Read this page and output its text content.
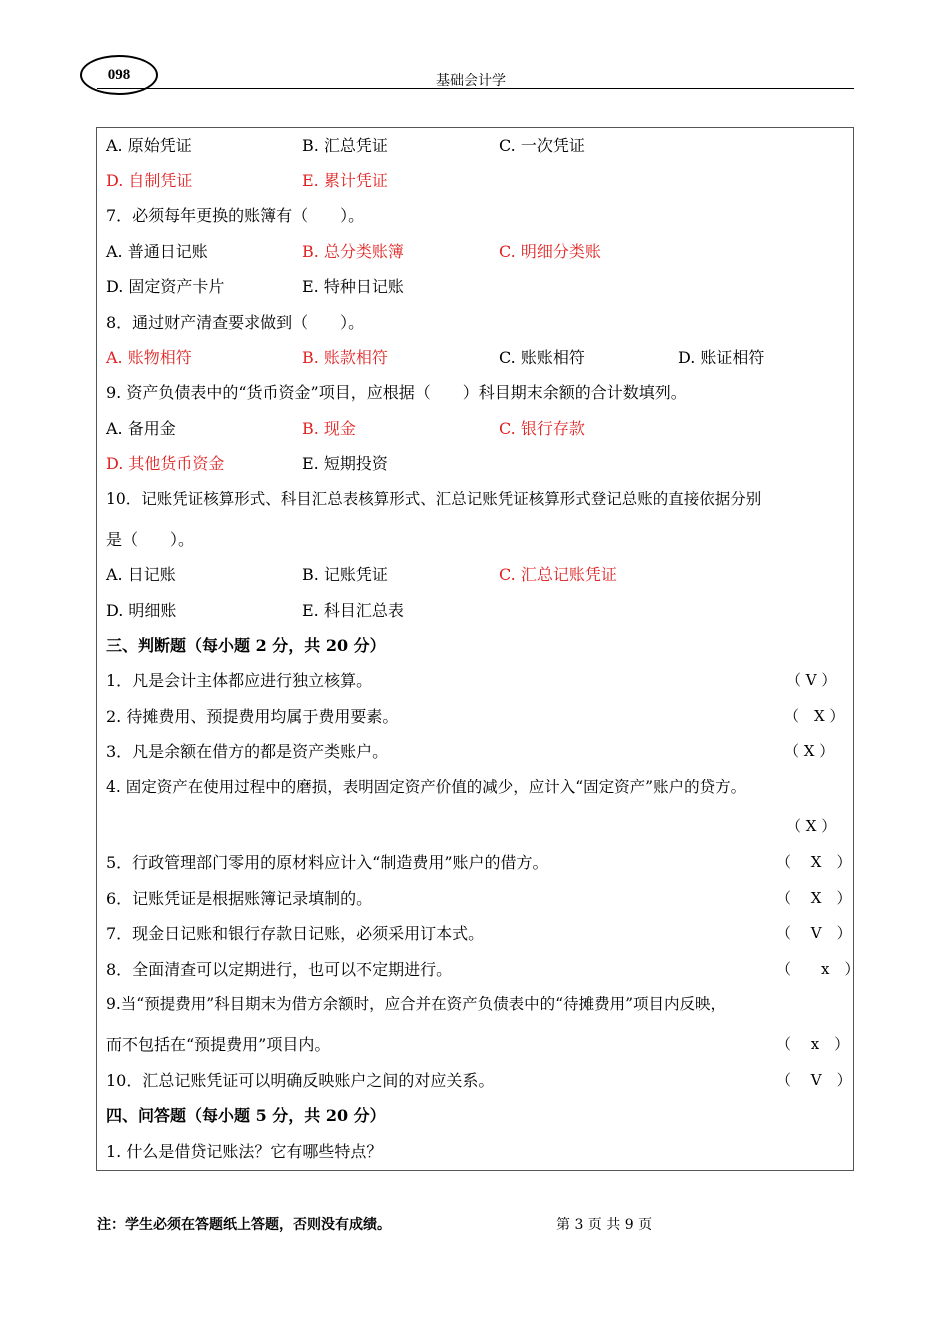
098	基础会计学
A. 原始凭证	B. 汇总凭证	C. 一次凭证
D. 自制凭证	E. 累计凭证
7．必须每年更换的账簿有（　　）。
A. 普通日记账	B. 总分类账簿	C. 明细分类账
D. 固定资产卡片	E. 特种日记账
8．通过财产清查要求做到（　　）。
A. 账物相符	B. 账款相符	C. 账账相符	D. 账证相符
9. 资产负债表中的“货币资金”项目，应根据（　　）科目期末余额的合计数填列。
A. 备用金	B. 现金	C. 银行存款
D. 其他货币资金	E. 短期投资
10．记账凭证核算形式、科目汇总表核算形式、汇总记账凭证核算形式登记总账的直接依据分别
是（　　）。
A. 日记账	B. 记账凭证	C. 汇总记账凭证
D. 明细账	E. 科目汇总表
三、判断题（每小题 2 分，共 20 分）
1．凡是会计主体都应进行独立核算。	（ V ）
2. 待摊费用、预提费用均属于费用要素。	（　X ）
3．凡是余额在借方的都是资产类账户。	（ X ）
4. 固定资产在使用过程中的磨损，表明固定资产价值的减少，应计入“固定资产”账户的贷方。
（ X ）
5．行政管理部门零用的原材料应计入“制造费用”账户的借方。	（　 X　）
6．记账凭证是根据账簿记录填制的。	（　 X　）
7．现金日记账和银行存款日记账，必须采用订本式。	（　 V　）
8．全面清查可以定期进行，也可以不定期进行。	（　　x　）
9.当“预提费用”科目期末为借方余额时，应合并在资产负债表中的“待摊费用”项目内反映，
而不包括在“预提费用”项目内。	（　 x　）
10．汇总记账凭证可以明确反映账户之间的对应关系。	（　 V　）
四、问答题（每小题 5 分，共 20 分）
1. 什么是借贷记账法？它有哪些特点？
注：学生必须在答题纸上答题，否则没有成绩。	第 3 页 共 9 页
